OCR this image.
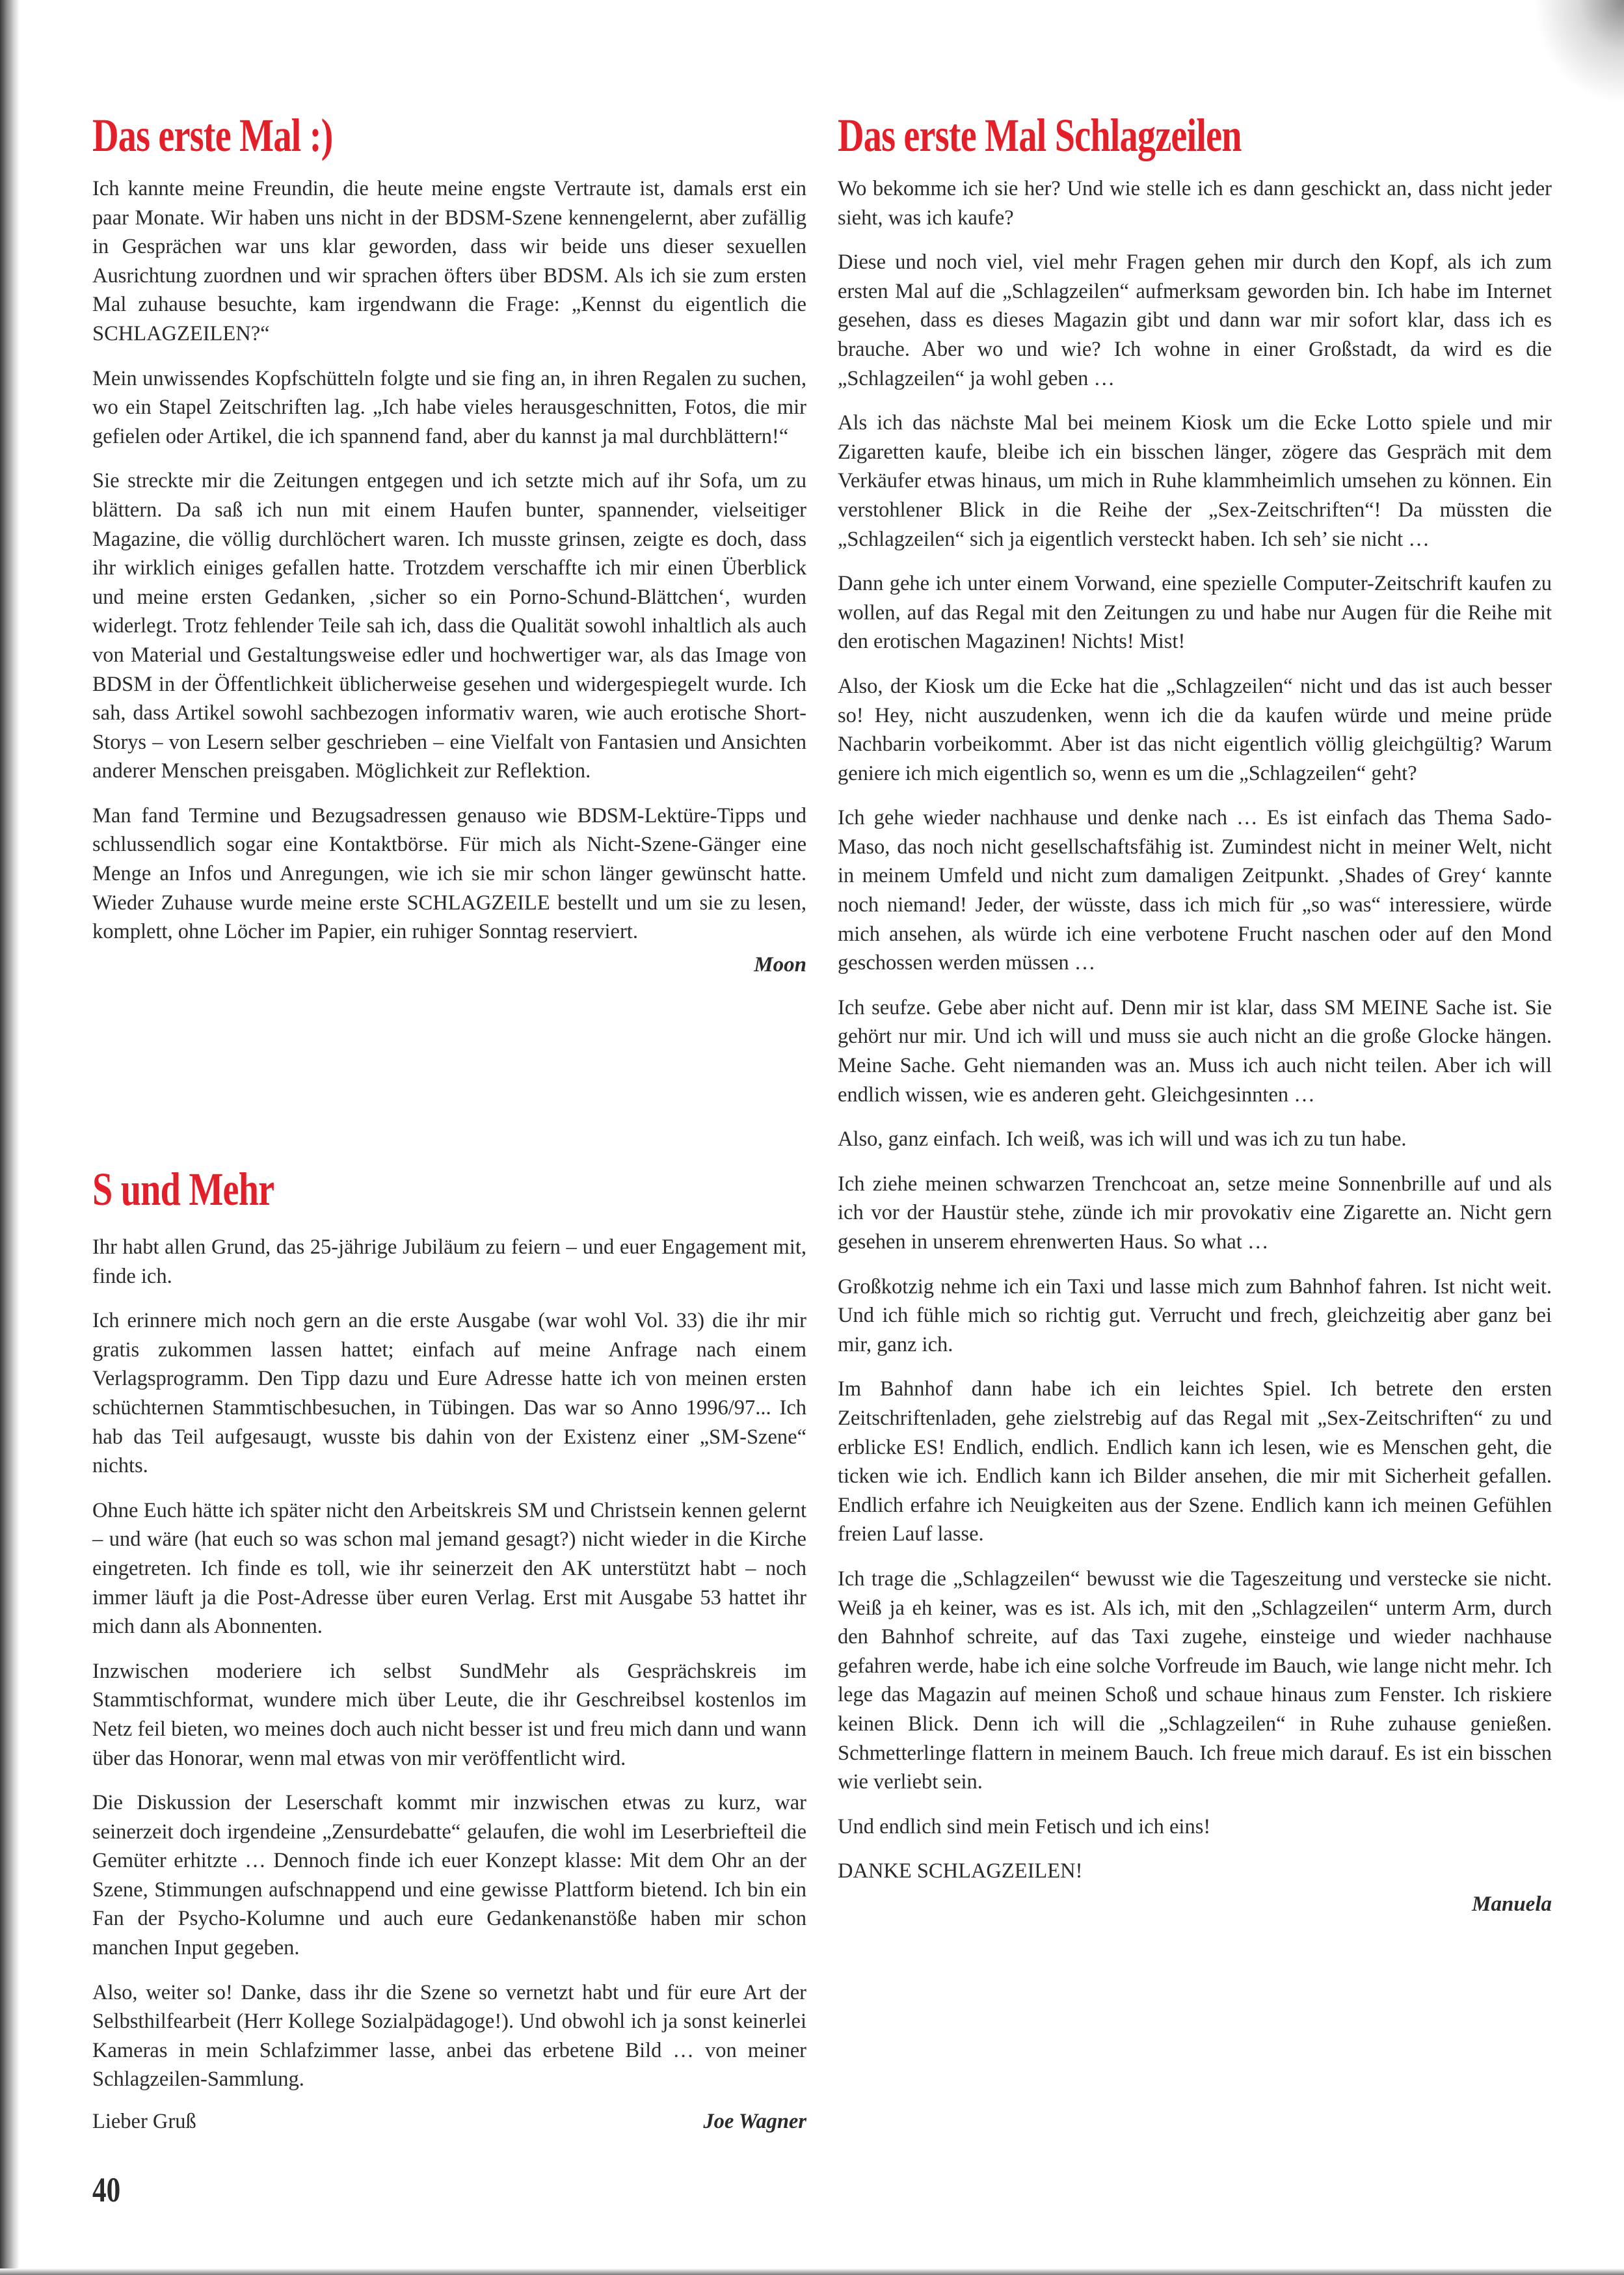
Das erste Mal :)

Ich kannte meine Freundin, die heute meine engste Vertraute ist, damals erst ein paar Monate. Wir haben uns nicht in der BDSM-Szene kennengelernt, aber zufällig in Gesprächen war uns klar geworden, dass wir beide uns dieser sexuellen Ausrichtung zuordnen und wir sprachen öfters über BDSM. Als ich sie zum ersten Mal zuhause besuchte, kam irgendwann die Frage: „Kennst du eigentlich die SCHLAGZEILEN?“

Mein unwissendes Kopfschütteln folgte und sie fing an, in ihren Regalen zu suchen, wo ein Stapel Zeitschriften lag. „Ich habe vieles herausgeschnitten, Fotos, die mir gefielen oder Artikel, die ich spannend fand, aber du kannst ja mal durchblättern!“

Sie streckte mir die Zeitungen entgegen und ich setzte mich auf ihr Sofa, um zu blättern. Da saß ich nun mit einem Haufen bunter, spannender, vielseitiger Magazine, die völlig durchlöchert waren. Ich musste grinsen, zeigte es doch, dass ihr wirklich einiges gefallen hatte. Trotzdem verschaffte ich mir einen Überblick und meine ersten Gedanken, ‚sicher so ein Porno-Schund-Blättchen‘, wurden widerlegt. Trotz fehlender Teile sah ich, dass die Qualität sowohl inhaltlich als auch von Material und Gestaltungsweise edler und hochwertiger war, als das Image von BDSM in der Öffentlichkeit üblicherweise gesehen und widergespiegelt wurde. Ich sah, dass Artikel sowohl sachbezogen informativ waren, wie auch erotische Short-Storys – von Lesern selber geschrieben – eine Vielfalt von Fantasien und Ansichten anderer Menschen preisgaben. Möglichkeit zur Reflektion.

Man fand Termine und Bezugsadressen genauso wie BDSM-Lektüre-Tipps und schlussendlich sogar eine Kontaktbörse. Für mich als Nicht-Szene-Gänger eine Menge an Infos und Anregungen, wie ich sie mir schon länger gewünscht hatte. Wieder Zuhause wurde meine erste SCHLAGZEILE bestellt und um sie zu lesen, komplett, ohne Löcher im Papier, ein ruhiger Sonntag reserviert.

Moon
S und Mehr

Ihr habt allen Grund, das 25-jährige Jubiläum zu feiern – und euer Engagement mit, finde ich.

Ich erinnere mich noch gern an die erste Ausgabe (war wohl Vol. 33) die ihr mir gratis zukommen lassen hattet; einfach auf meine Anfrage nach einem Verlagsprogramm. Den Tipp dazu und Eure Adresse hatte ich von meinen ersten schüchternen Stammtischbesuchen, in Tübingen. Das war so Anno 1996/97... Ich hab das Teil aufgesaugt, wusste bis dahin von der Existenz einer „SM-Szene“ nichts.

Ohne Euch hätte ich später nicht den Arbeitskreis SM und Christsein kennen gelernt – und wäre (hat euch so was schon mal jemand gesagt?) nicht wieder in die Kirche eingetreten. Ich finde es toll, wie ihr seinerzeit den AK unterstützt habt – noch immer läuft ja die Post-Adresse über euren Verlag. Erst mit Ausgabe 53 hattet ihr mich dann als Abonnenten.

Inzwischen moderiere ich selbst SundMehr als Gesprächskreis im Stammtischformat, wundere mich über Leute, die ihr Geschreibsel kostenlos im Netz feil bieten, wo meines doch auch nicht besser ist und freu mich dann und wann über das Honorar, wenn mal etwas von mir veröffentlicht wird.

Die Diskussion der Leserschaft kommt mir inzwischen etwas zu kurz, war seinerzeit doch irgendeine „Zensurdebatte“ gelaufen, die wohl im Leserbriefteil die Gemüter erhitzte … Dennoch finde ich euer Konzept klasse: Mit dem Ohr an der Szene, Stimmungen aufschnappend und eine gewisse Plattform bietend. Ich bin ein Fan der Psycho-Kolumne und auch eure Gedankenanstöße haben mir schon manchen Input gegeben.

Also, weiter so! Danke, dass ihr die Szene so vernetzt habt und für eure Art der Selbsthilfearbeit (Herr Kollege Sozialpädagoge!). Und obwohl ich ja sonst keinerlei Kameras in mein Schlafzimmer lasse, anbei das erbetene Bild … von meiner Schlagzeilen-Sammlung.

Lieber Gruß	Joe Wagner
40
Das erste Mal Schlagzeilen

Wo bekomme ich sie her? Und wie stelle ich es dann geschickt an, dass nicht jeder sieht, was ich kaufe?

Diese und noch viel, viel mehr Fragen gehen mir durch den Kopf, als ich zum ersten Mal auf die „Schlagzeilen“ aufmerksam geworden bin. Ich habe im Internet gesehen, dass es dieses Magazin gibt und dann war mir sofort klar, dass ich es brauche. Aber wo und wie? Ich wohne in einer Großstadt, da wird es die „Schlagzeilen“ ja wohl geben …

Als ich das nächste Mal bei meinem Kiosk um die Ecke Lotto spiele und mir Zigaretten kaufe, bleibe ich ein bisschen länger, zögere das Gespräch mit dem Verkäufer etwas hinaus, um mich in Ruhe klammheimlich umsehen zu können. Ein verstohlener Blick in die Reihe der „Sex-Zeitschriften“! Da müssten die „Schlagzeilen“ sich ja eigentlich versteckt haben. Ich seh’ sie nicht …

Dann gehe ich unter einem Vorwand, eine spezielle Computer-Zeitschrift kaufen zu wollen, auf das Regal mit den Zeitungen zu und habe nur Augen für die Reihe mit den erotischen Magazinen! Nichts! Mist!

Also, der Kiosk um die Ecke hat die „Schlagzeilen“ nicht und das ist auch besser so! Hey, nicht auszudenken, wenn ich die da kaufen würde und meine prüde Nachbarin vorbeikommt. Aber ist das nicht eigentlich völlig gleichgültig? Warum geniere ich mich eigentlich so, wenn es um die „Schlagzeilen“ geht?

Ich gehe wieder nachhause und denke nach … Es ist einfach das Thema Sado-Maso, das noch nicht gesellschaftsfähig ist. Zumindest nicht in meiner Welt, nicht in meinem Umfeld und nicht zum damaligen Zeitpunkt. ‚Shades of Grey‘ kannte noch niemand! Jeder, der wüsste, dass ich mich für „so was“ interessiere, würde mich ansehen, als würde ich eine verbotene Frucht naschen oder auf den Mond geschossen werden müssen …

Ich seufze. Gebe aber nicht auf. Denn mir ist klar, dass SM MEINE Sache ist. Sie gehört nur mir. Und ich will und muss sie auch nicht an die große Glocke hängen. Meine Sache. Geht niemanden was an. Muss ich auch nicht teilen. Aber ich will endlich wissen, wie es anderen geht. Gleichgesinnten …

Also, ganz einfach. Ich weiß, was ich will und was ich zu tun habe.

Ich ziehe meinen schwarzen Trenchcoat an, setze meine Sonnenbrille auf und als ich vor der Haustür stehe, zünde ich mir provokativ eine Zigarette an. Nicht gern gesehen in unserem ehrenwerten Haus. So what …

Großkotzig nehme ich ein Taxi und lasse mich zum Bahnhof fahren. Ist nicht weit. Und ich fühle mich so richtig gut. Verrucht und frech, gleichzeitig aber ganz bei mir, ganz ich.

Im Bahnhof dann habe ich ein leichtes Spiel. Ich betrete den ersten Zeitschriftenladen, gehe zielstrebig auf das Regal mit „Sex-Zeitschriften“ zu und erblicke ES! Endlich, endlich. Endlich kann ich lesen, wie es Menschen geht, die ticken wie ich. Endlich kann ich Bilder ansehen, die mir mit Sicherheit gefallen. Endlich erfahre ich Neuigkeiten aus der Szene. Endlich kann ich meinen Gefühlen freien Lauf lasse.

Ich trage die „Schlagzeilen“ bewusst wie die Tageszeitung und verstecke sie nicht. Weiß ja eh keiner, was es ist. Als ich, mit den „Schlagzeilen“ unterm Arm, durch den Bahnhof schreite, auf das Taxi zugehe, einsteige und wieder nachhause gefahren werde, habe ich eine solche Vorfreude im Bauch, wie lange nicht mehr. Ich lege das Magazin auf meinen Schoß und schaue hinaus zum Fenster. Ich riskiere keinen Blick. Denn ich will die „Schlagzeilen“ in Ruhe zuhause genießen. Schmetterlinge flattern in meinem Bauch. Ich freue mich darauf. Es ist ein bisschen wie verliebt sein.

Und endlich sind mein Fetisch und ich eins!

DANKE SCHLAGZEILEN!

Manuela
